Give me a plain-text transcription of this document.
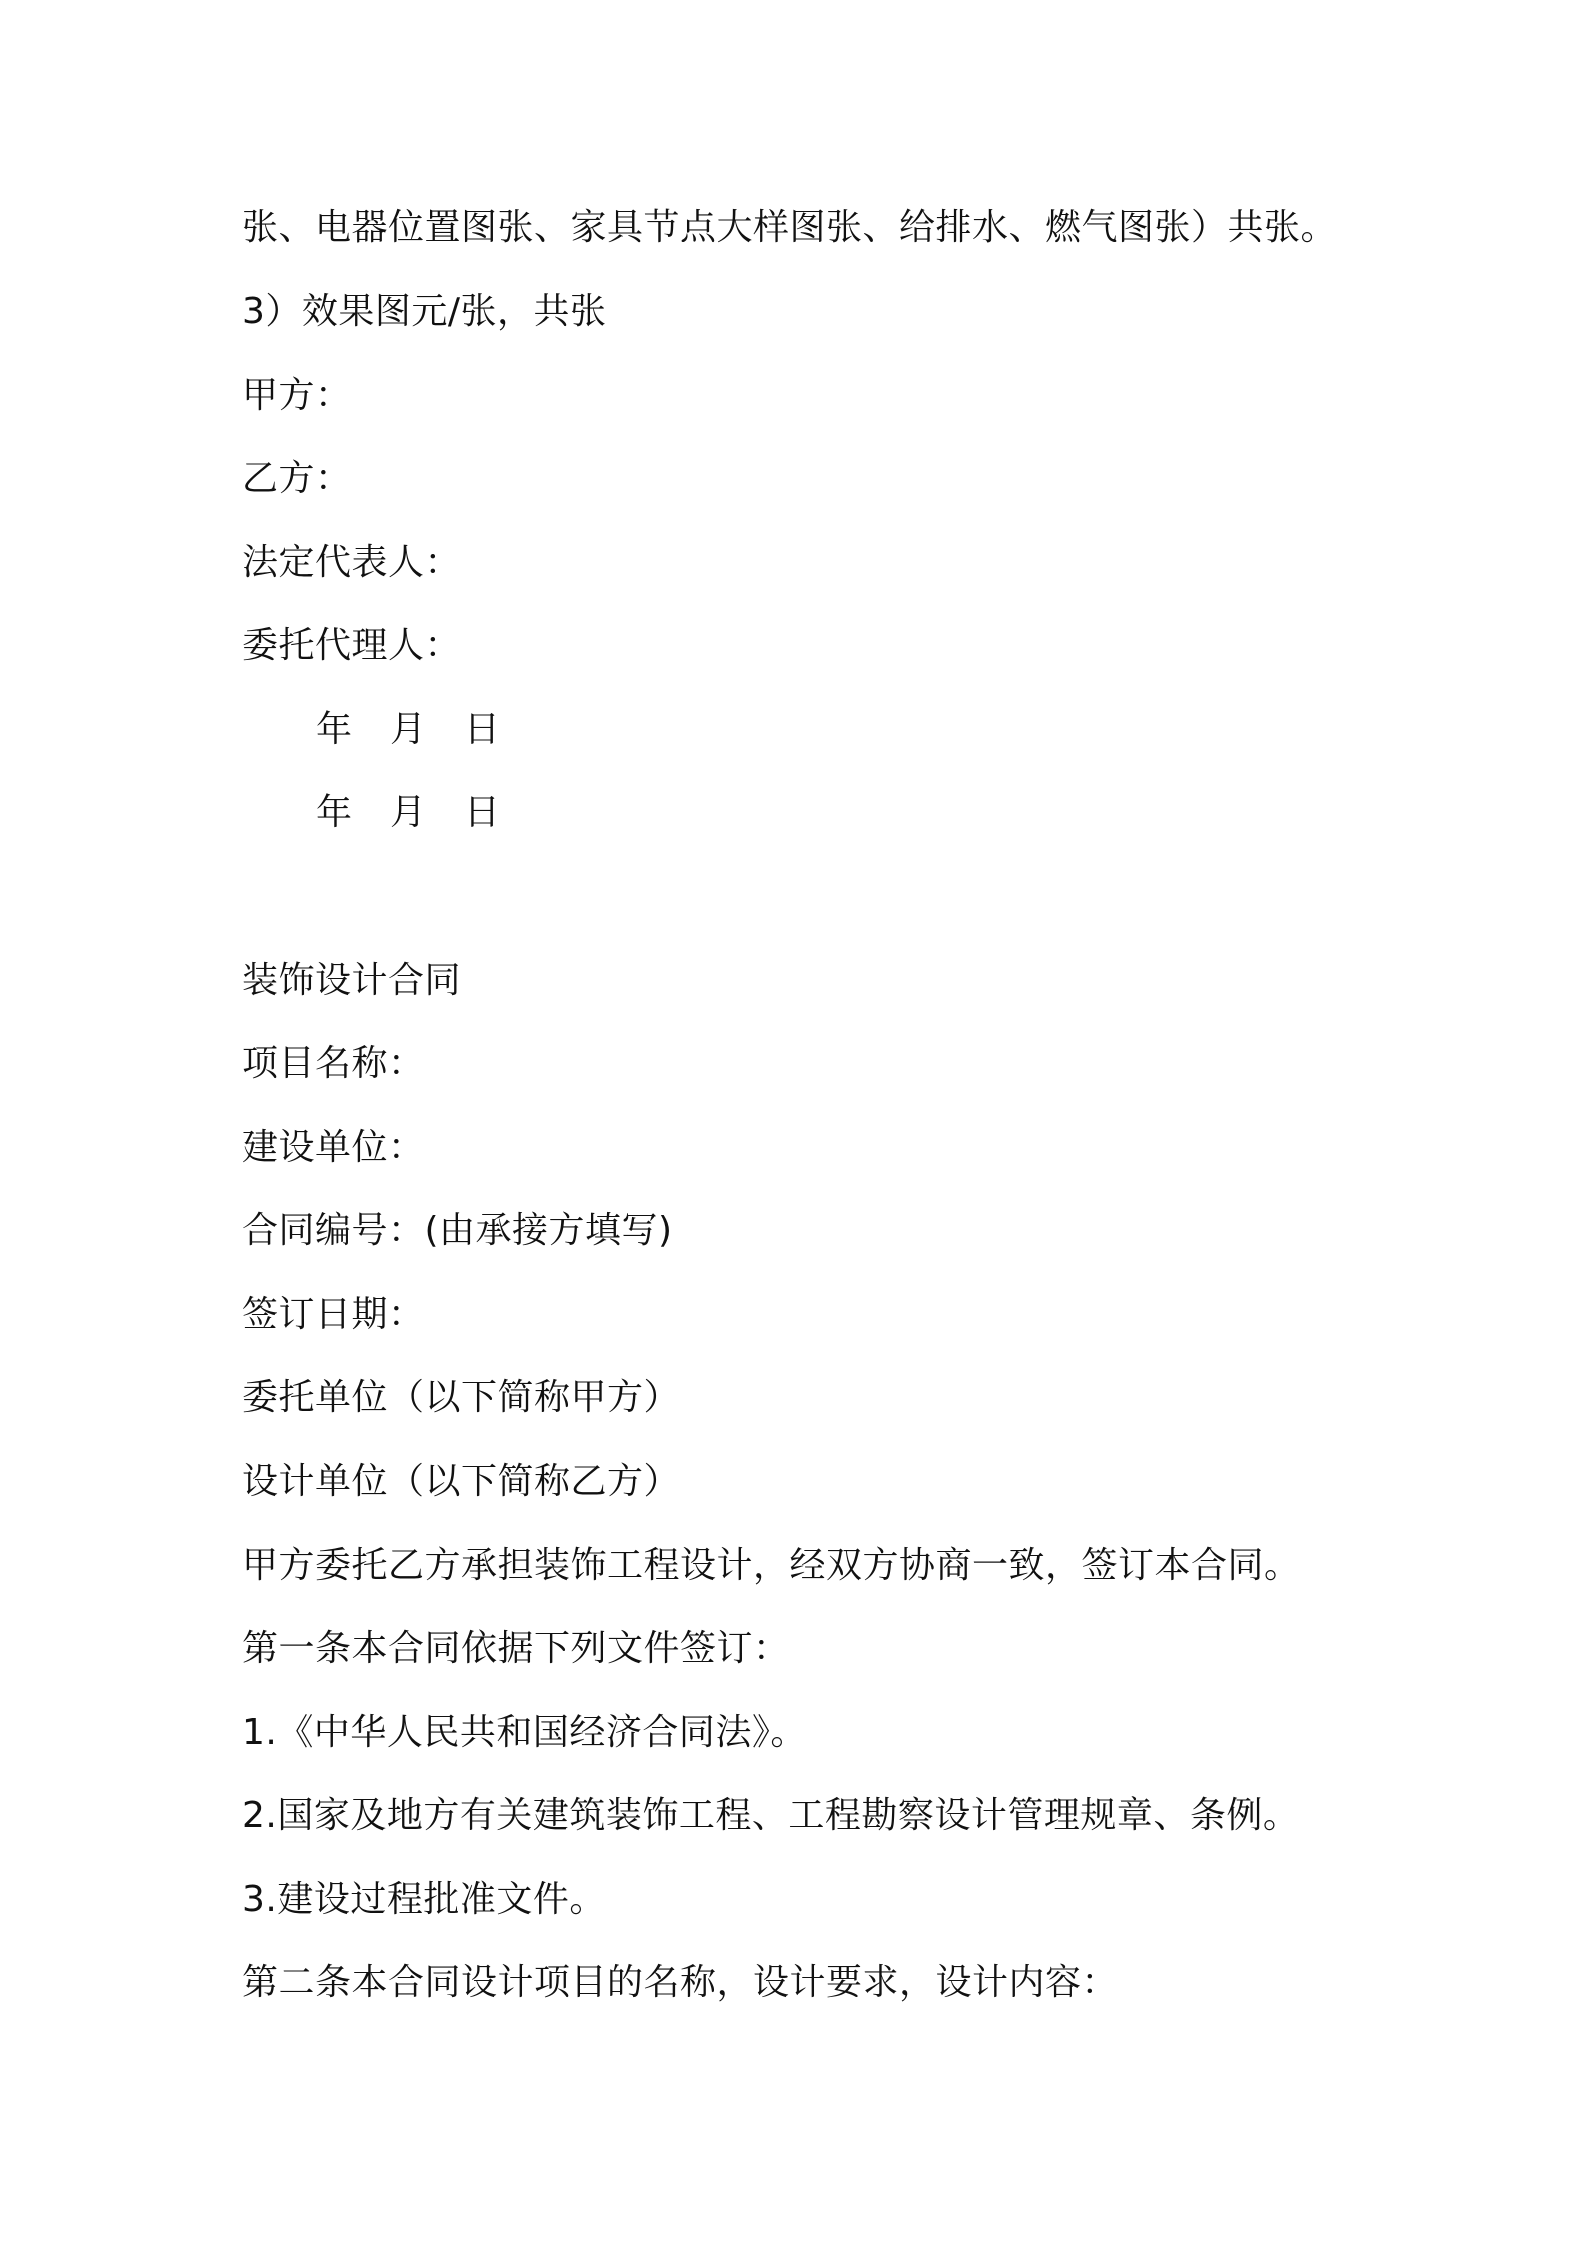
张、电器位置图张、家具节点大样图张、给排水、燃气图张）共张。
3）效果图元/张，共张
甲方：
乙方：
法定代表人：
委托代理人：
年 月 日
年 月 日
装饰设计合同
项目名称：
建设单位：
合同编号：(由承接方填写)
签订日期：
委托单位（以下简称甲方）
设计单位（以下简称乙方）
甲方委托乙方承担装饰工程设计，经双方协商一致，签订本合同。
第一条本合同依据下列文件签订：
1.《中华人民共和国经济合同法》。
2.国家及地方有关建筑装饰工程、工程勘察设计管理规章、条例。
3.建设过程批准文件。
第二条本合同设计项目的名称，设计要求，设计内容：
